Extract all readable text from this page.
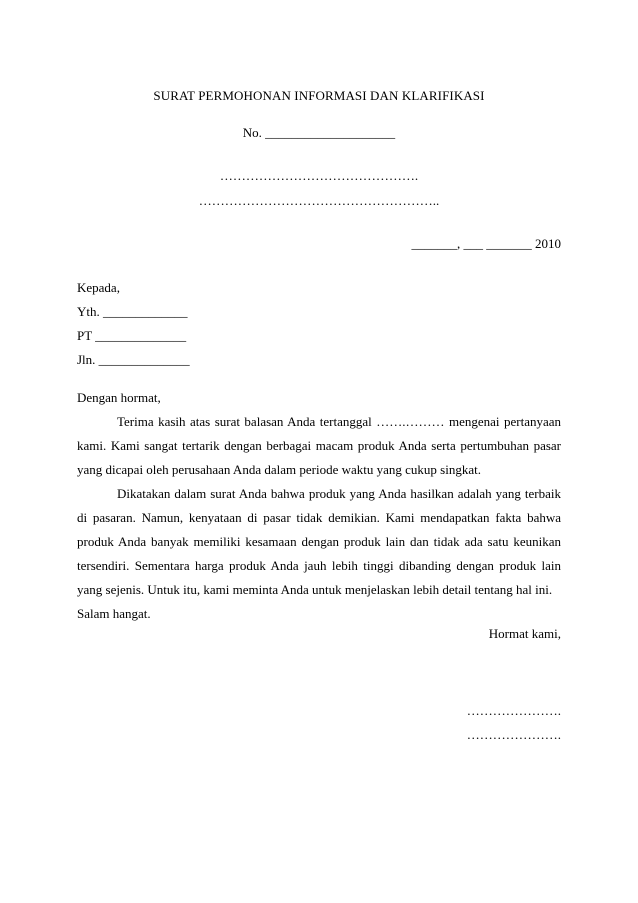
SURAT PERMOHONAN INFORMASI DAN KLARIFIKASI
No. ____________________
……………………………………….
………………………………………………..
_______, ___ _______ 2010
Kepada,
Yth. _____________
PT ______________
Jln. ______________

Dengan hormat,

Terima kasih atas surat balasan Anda tertanggal …….……… mengenai pertanyaan kami. Kami sangat tertarik dengan berbagai macam produk Anda serta pertumbuhan pasar yang dicapai oleh perusahaan Anda dalam periode waktu yang cukup singkat.

Dikatakan dalam surat Anda bahwa produk yang Anda hasilkan adalah yang terbaik di pasaran. Namun, kenyataan di pasar tidak demikian. Kami mendapatkan fakta bahwa produk Anda banyak memiliki kesamaan dengan produk lain dan tidak ada satu keunikan tersendiri. Sementara harga produk Anda jauh lebih tinggi dibanding dengan produk lain yang sejenis. Untuk itu, kami meminta Anda untuk menjelaskan lebih detail tentang hal ini.

Salam hangat.

Hormat kami,
………………….
………………….
